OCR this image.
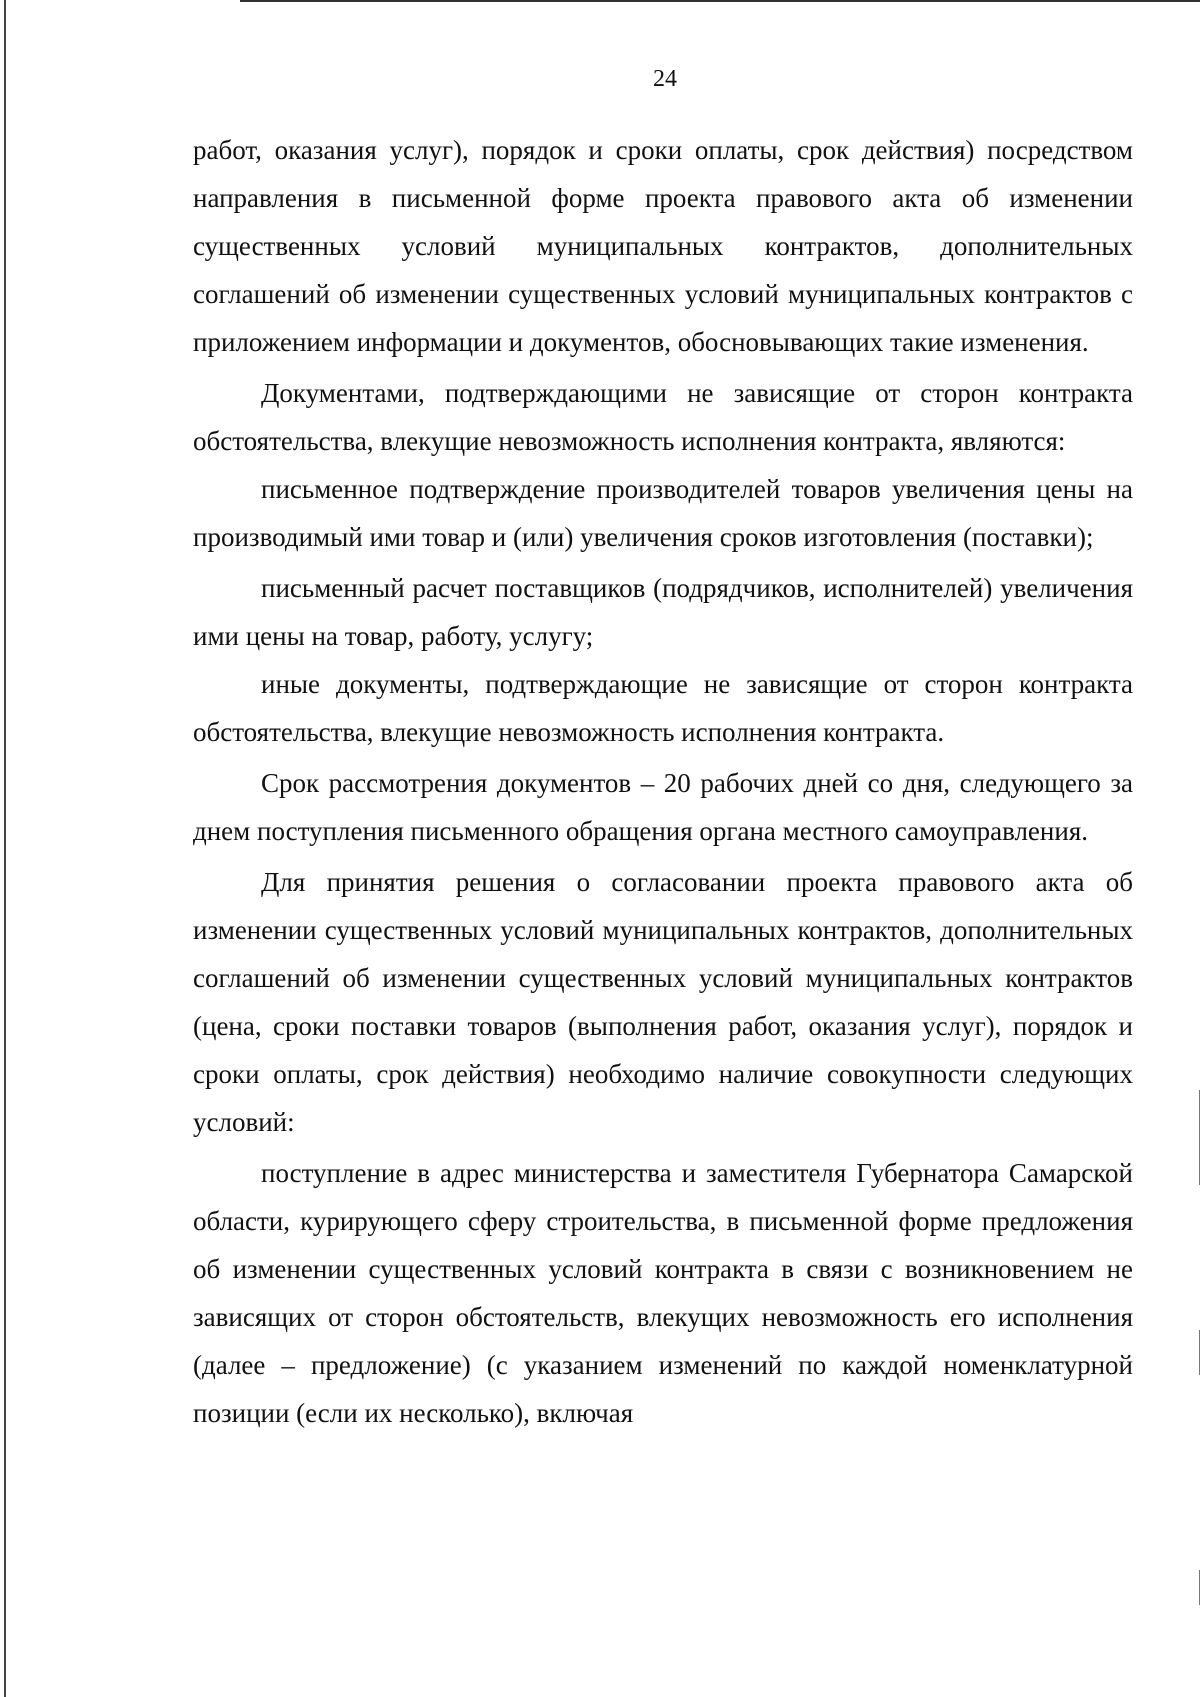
24

работ, оказания услуг), порядок и сроки оплаты, срок действия) посредством направления в письменной форме проекта правового акта об изменении существенных условий муниципальных контрактов, дополнительных соглашений об изменении существенных условий муниципальных контрактов с приложением информации и документов, обосновывающих такие изменения.

Документами, подтверждающими не зависящие от сторон контракта обстоятельства, влекущие невозможность исполнения контракта, являются:

письменное подтверждение производителей товаров увеличения цены на производимый ими товар и (или) увеличения сроков изготовления (поставки);

письменный расчет поставщиков (подрядчиков, исполнителей) увеличения ими цены на товар, работу, услугу;

иные документы, подтверждающие не зависящие от сторон контракта обстоятельства, влекущие невозможность исполнения контракта.

Срок рассмотрения документов – 20 рабочих дней со дня, следующего за днем поступления письменного обращения органа местного самоуправления.

Для принятия решения о согласовании проекта правового акта об изменении существенных условий муниципальных контрактов, дополнительных соглашений об изменении существенных условий муниципальных контрактов (цена, сроки поставки товаров (выполнения работ, оказания услуг), порядок и сроки оплаты, срок действия) необходимо наличие совокупности следующих условий:

поступление в адрес министерства и заместителя Губернатора Самарской области, курирующего сферу строительства, в письменной форме предложения об изменении существенных условий контракта в связи с возникновением не зависящих от сторон обстоятельств, влекущих невозможность его исполнения (далее – предложение) (с указанием изменений по каждой номенклатурной позиции (если их несколько), включая
